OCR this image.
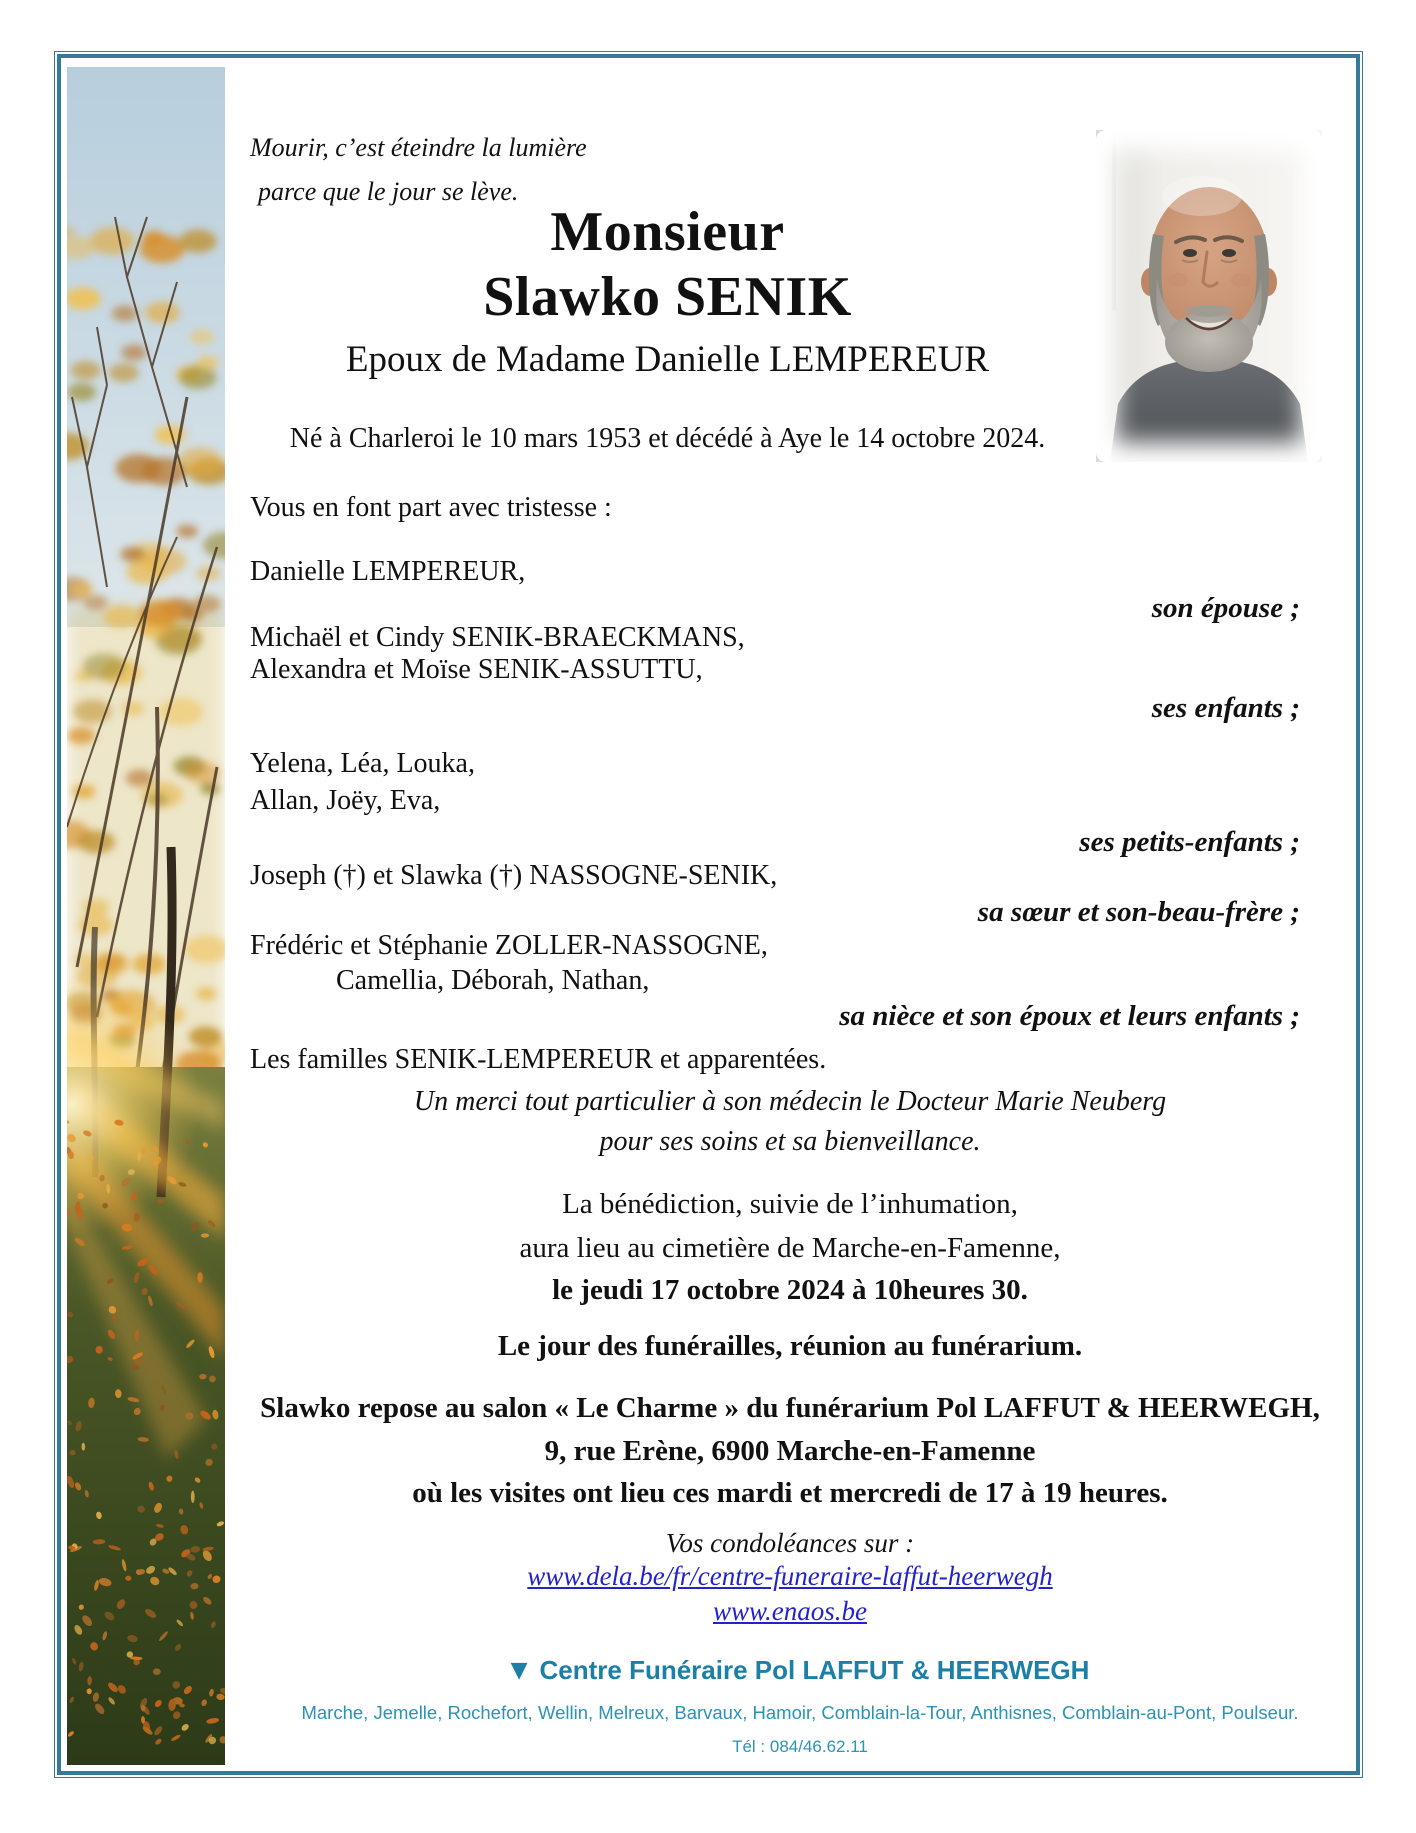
Mourir, c’est éteindre la lumière
parce que le jour se lève.
Monsieur
Slawko SENIK
Epoux de Madame Danielle LEMPEREUR
Né à Charleroi le 10 mars 1953 et décédé à Aye le 14 octobre 2024.
Vous en font part avec tristesse :
Danielle LEMPEREUR,
son épouse ;
Michaël et Cindy SENIK-BRAECKMANS,
Alexandra et Moïse SENIK-ASSUTTU,
ses enfants ;
Yelena, Léa, Louka,
Allan, Joëy, Eva,
ses petits-enfants ;
Joseph (†) et Slawka (†) NASSOGNE-SENIK,
sa sœur et son-beau-frère ;
Frédéric et Stéphanie ZOLLER-NASSOGNE,
Camellia, Déborah, Nathan,
sa nièce et son époux et leurs enfants ;
Les familles SENIK-LEMPEREUR et apparentées.
Un merci tout particulier à son médecin le Docteur Marie Neuberg
pour ses soins et sa bienveillance.
La bénédiction, suivie de l’inhumation,
aura lieu au cimetière de Marche-en-Famenne,
le jeudi 17 octobre 2024 à 10heures 30.
Le jour des funérailles, réunion au funérarium.
Slawko repose au salon « Le Charme » du funérarium Pol LAFFUT & HEERWEGH,
9, rue Erène, 6900 Marche-en-Famenne
où les visites ont lieu ces mardi et mercredi de 17 à 19 heures.
Vos condoléances sur :
www.dela.be/fr/centre-funeraire-laffut-heerwegh
www.enaos.be
▼ Centre Funéraire Pol LAFFUT & HEERWEGH
Marche, Jemelle, Rochefort, Wellin, Melreux, Barvaux, Hamoir, Comblain-la-Tour, Anthisnes, Comblain-au-Pont, Poulseur.
Tél : 084/46.62.11
